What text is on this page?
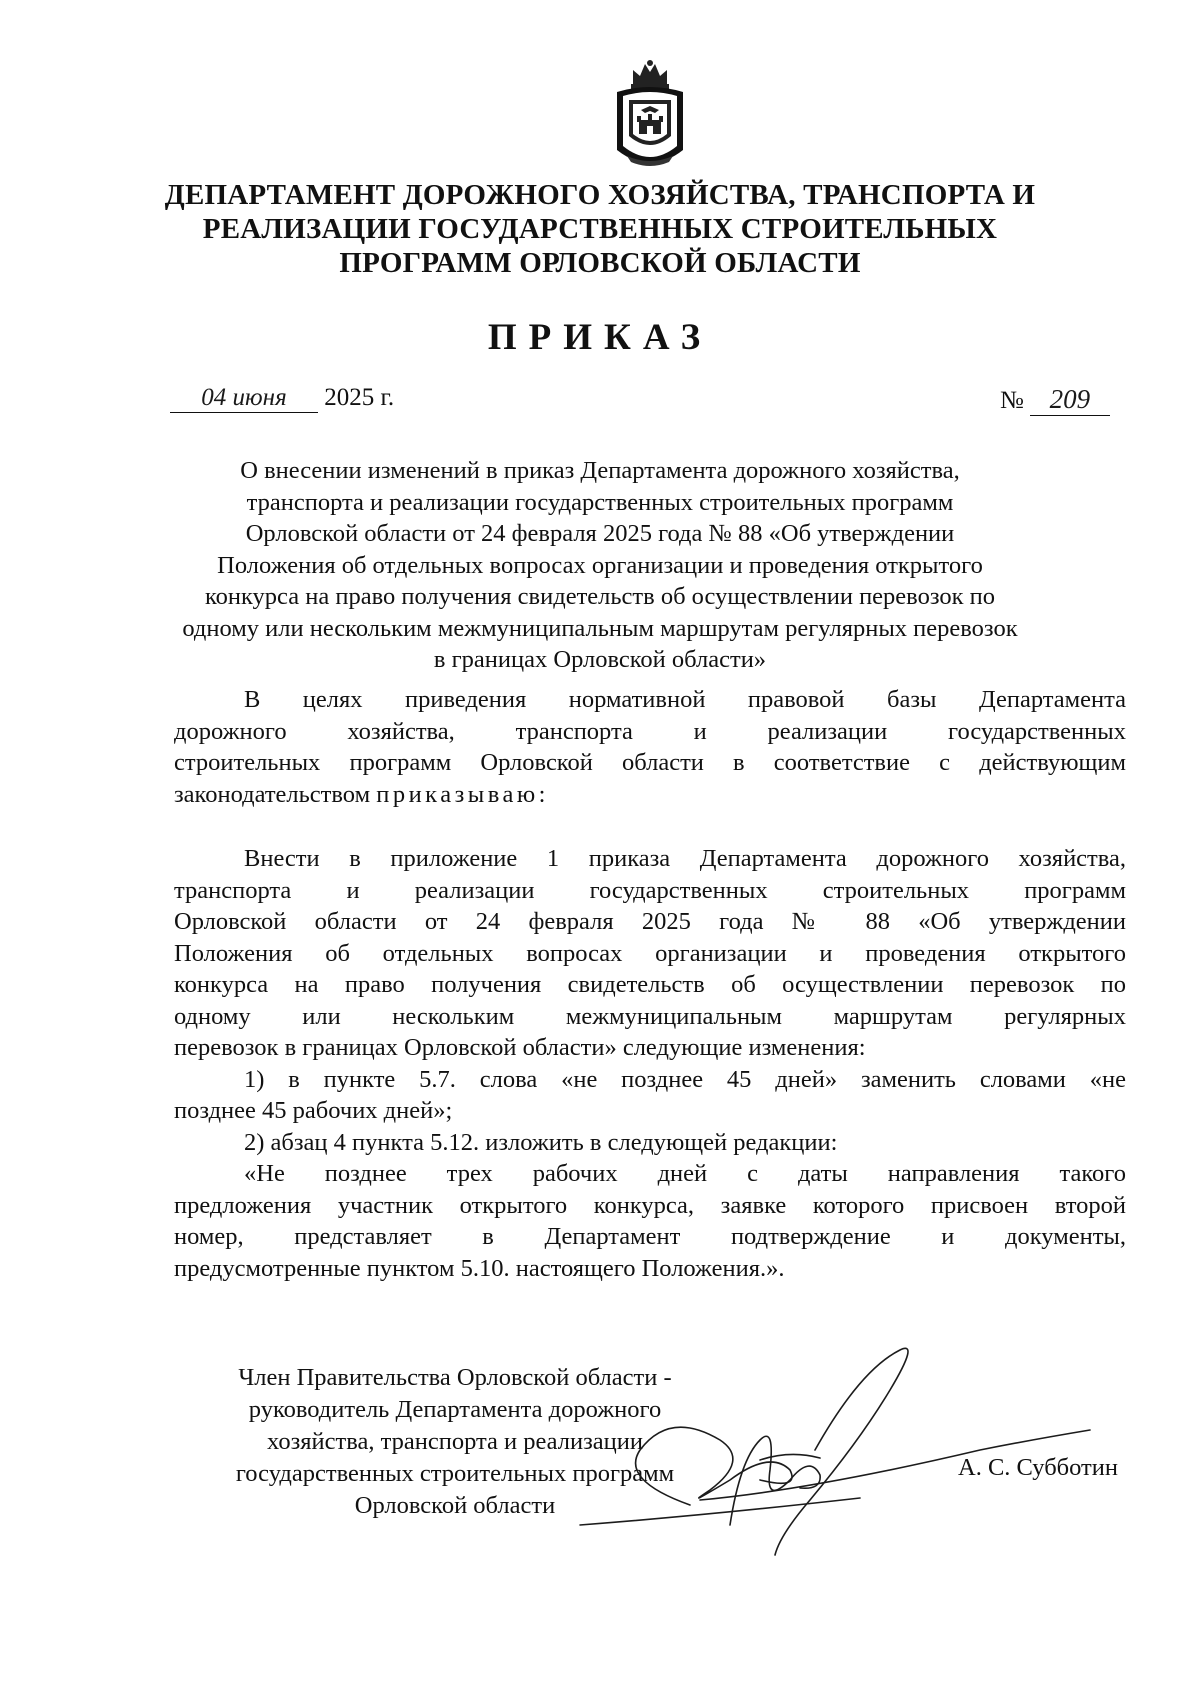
ДЕПАРТАМЕНТ ДОРОЖНОГО ХОЗЯЙСТВА, ТРАНСПОРТА И
РЕАЛИЗАЦИИ ГОСУДАРСТВЕННЫХ СТРОИТЕЛЬНЫХ
ПРОГРАММ ОРЛОВСКОЙ ОБЛАСТИ
ПРИКАЗ
04 июня 2025 г.	№ 209
О внесении изменений в приказ Департамента дорожного хозяйства,
транспорта и реализации государственных строительных программ
Орловской области от 24 февраля 2025 года № 88 «Об утверждении
Положения об отдельных вопросах организации и проведения открытого
конкурса на право получения свидетельств об осуществлении перевозок по
одному или нескольким межмуниципальным маршрутам регулярных перевозок
в границах Орловской области»
В целях приведения нормативной правовой базы Департамента
дорожного хозяйства, транспорта и реализации государственных
строительных программ Орловской области в соответствие с действующим
законодательством приказываю:
Внести в приложение 1 приказа Департамента дорожного хозяйства,
транспорта и реализации государственных строительных программ
Орловской области от 24 февраля 2025 года № 88 «Об утверждении
Положения об отдельных вопросах организации и проведения открытого
конкурса на право получения свидетельств об осуществлении перевозок по
одному или нескольким межмуниципальным маршрутам регулярных
перевозок в границах Орловской области» следующие изменения:
1) в пункте 5.7. слова «не позднее 45 дней» заменить словами «не
позднее 45 рабочих дней»;
2) абзац 4 пункта 5.12. изложить в следующей редакции:
«Не позднее трех рабочих дней с даты направления такого
предложения участник открытого конкурса, заявке которого присвоен второй
номер, представляет в Департамент подтверждение и документы,
предусмотренные пунктом 5.10. настоящего Положения.».
Член Правительства Орловской области -
руководитель Департамента дорожного
хозяйства, транспорта и реализации
государственных строительных программ
Орловской области
А. С. Субботин
